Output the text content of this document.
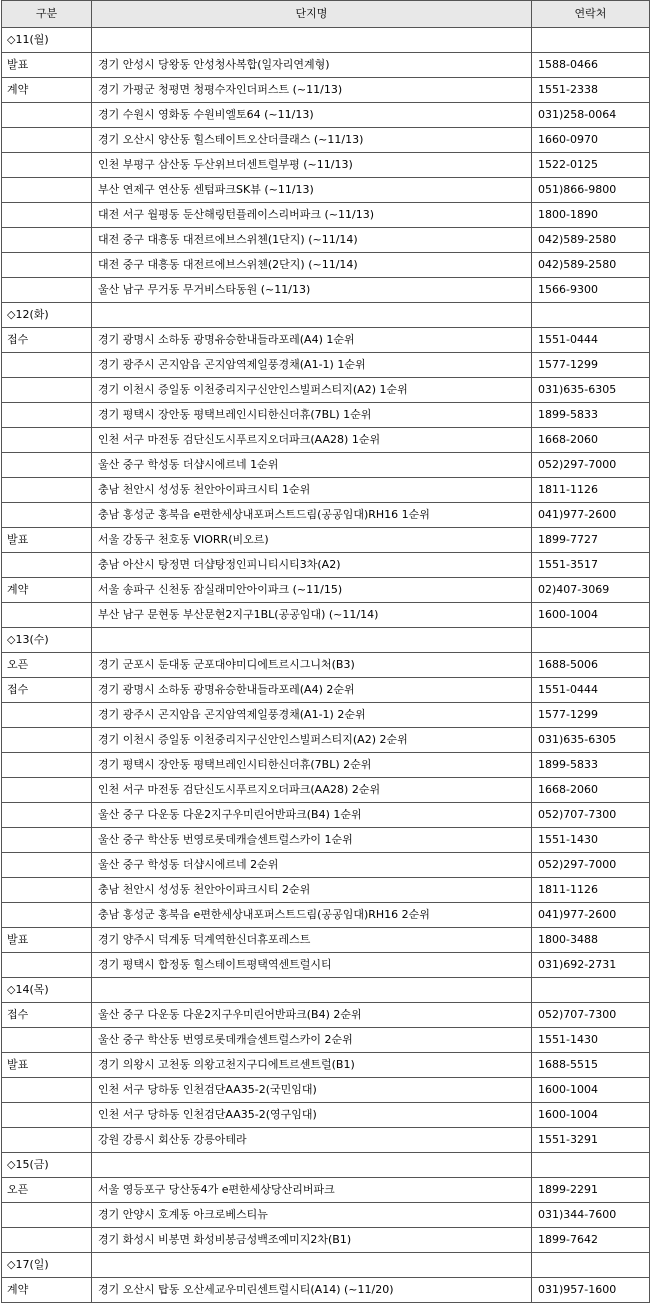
구분	단지명	연락처
◇11(월)		
발표	경기 안성시 당왕동 안성청사복합(일자리연계형)	1588-0466
계약	경기 가평군 청평면 청평수자인더퍼스트 (~11/13)	1551-2338
	경기 수원시 영화동 수원비엘토64 (~11/13)	031)258-0064
	경기 오산시 양산동 힐스테이트오산더클래스 (~11/13)	1660-0970
	인천 부평구 삼산동 두산위브더센트럴부평 (~11/13)	1522-0125
	부산 연제구 연산동 센텀파크SK뷰 (~11/13)	051)866-9800
	대전 서구 월평동 둔산해링턴플레이스리버파크 (~11/13)	1800-1890
	대전 중구 대흥동 대전르에브스위첸(1단지) (~11/14)	042)589-2580
	대전 중구 대흥동 대전르에브스위첸(2단지) (~11/14)	042)589-2580
	울산 남구 무거동 무거비스타동원 (~11/13)	1566-9300
◇12(화)		
접수	경기 광명시 소하동 광명유승한내들라포레(A4) 1순위	1551-0444
	경기 광주시 곤지암읍 곤지암역제일풍경채(A1-1) 1순위	1577-1299
	경기 이천시 증일동 이천중리지구신안인스빌퍼스티지(A2) 1순위	031)635-6305
	경기 평택시 장안동 평택브레인시티한신더휴(7BL) 1순위	1899-5833
	인천 서구 마전동 검단신도시푸르지오더파크(AA28) 1순위	1668-2060
	울산 중구 학성동 더샵시에르네 1순위	052)297-7000
	충남 천안시 성성동 천안아이파크시티 1순위	1811-1126
	충남 홍성군 홍북읍 e편한세상내포퍼스트드림(공공임대)RH16 1순위	041)977-2600
발표	서울 강동구 천호동 VIORR(비오르)	1899-7727
	충남 아산시 탕정면 더샵탕정인피니티시티3차(A2)	1551-3517
계약	서울 송파구 신천동 잠실래미안아이파크 (~11/15)	02)407-3069
	부산 남구 문현동 부산문현2지구1BL(공공임대) (~11/14)	1600-1004
◇13(수)		
오픈	경기 군포시 둔대동 군포대야미디에트르시그니처(B3)	1688-5006
접수	경기 광명시 소하동 광명유승한내들라포레(A4) 2순위	1551-0444
	경기 광주시 곤지암읍 곤지암역제일풍경채(A1-1) 2순위	1577-1299
	경기 이천시 증일동 이천중리지구신안인스빌퍼스티지(A2) 2순위	031)635-6305
	경기 평택시 장안동 평택브레인시티한신더휴(7BL) 2순위	1899-5833
	인천 서구 마전동 검단신도시푸르지오더파크(AA28) 2순위	1668-2060
	울산 중구 다운동 다운2지구우미린어반파크(B4) 1순위	052)707-7300
	울산 중구 학산동 번영로롯데캐슬센트럴스카이 1순위	1551-1430
	울산 중구 학성동 더샵시에르네 2순위	052)297-7000
	충남 천안시 성성동 천안아이파크시티 2순위	1811-1126
	충남 홍성군 홍북읍 e편한세상내포퍼스트드림(공공임대)RH16 2순위	041)977-2600
발표	경기 양주시 덕계동 덕계역한신더휴포레스트	1800-3488
	경기 평택시 합정동 힐스테이트평택역센트럴시티	031)692-2731
◇14(목)		
접수	울산 중구 다운동 다운2지구우미린어반파크(B4) 2순위	052)707-7300
	울산 중구 학산동 번영로롯데캐슬센트럴스카이 2순위	1551-1430
발표	경기 의왕시 고천동 의왕고천지구디에트르센트럴(B1)	1688-5515
	인천 서구 당하동 인천검단AA35-2(국민임대)	1600-1004
	인천 서구 당하동 인천검단AA35-2(영구임대)	1600-1004
	강원 강릉시 회산동 강릉아테라	1551-3291
◇15(금)		
오픈	서울 영등포구 당산동4가 e편한세상당산리버파크	1899-2291
	경기 안양시 호계동 아크로베스티뉴	031)344-7600
	경기 화성시 비봉면 화성비봉금성백조예미지2차(B1)	1899-7642
◇17(일)		
계약	경기 오산시 탑동 오산세교우미린센트럴시티(A14) (~11/20)	031)957-1600
